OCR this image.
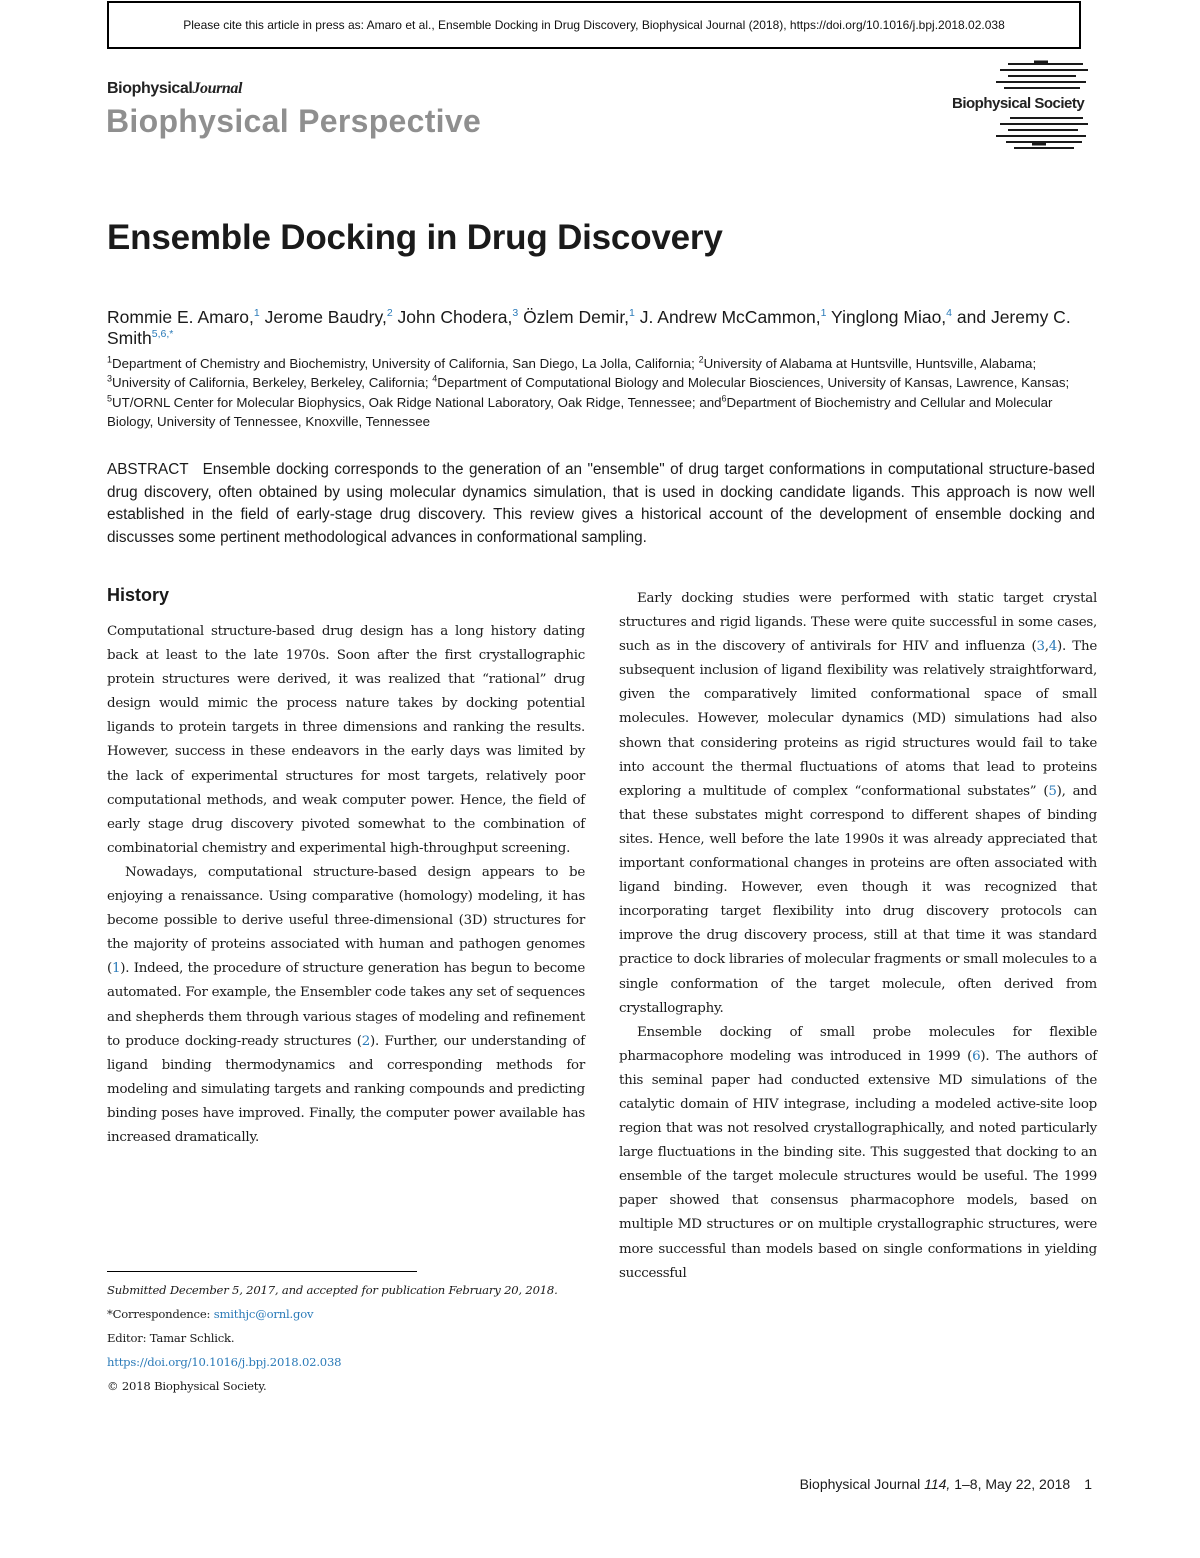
Please cite this article in press as: Amaro et al., Ensemble Docking in Drug Discovery, Biophysical Journal (2018), https://doi.org/10.1016/j.bpj.2018.02.038
BiophysicalJournal
Biophysical Perspective	Biophysical Society
Ensemble Docking in Drug Discovery
Rommie E. Amaro,$^1$ Jerome Baudry,$^2$ John Chodera,$^3$ Özlem Demir,$^1$ J. Andrew McCammon,$^1$ Yinglong Miao,$^4$ and Jeremy C. Smith$^{5,6,*}$
$^1$Department of Chemistry and Biochemistry, University of California, San Diego, La Jolla, California; $^2$University of Alabama at Huntsville, Huntsville, Alabama; $^3$University of California, Berkeley, Berkeley, California; $^4$Department of Computational Biology and Molecular Biosciences, University of Kansas, Lawrence, Kansas; $^5$UT/ORNL Center for Molecular Biophysics, Oak Ridge National Laboratory, Oak Ridge, Tennessee; and$^6$Department of Biochemistry and Cellular and Molecular Biology, University of Tennessee, Knoxville, Tennessee
ABSTRACT Ensemble docking corresponds to the generation of an "ensemble" of drug target conformations in computational structure-based drug discovery, often obtained by using molecular dynamics simulation, that is used in docking candidate ligands. This approach is now well established in the field of early-stage drug discovery. This review gives a historical account of the development of ensemble docking and discusses some pertinent methodological advances in conformational sampling.
History

Computational structure-based drug design has a long history dating back at least to the late 1970s. Soon after the first crystallographic protein structures were derived, it was realized that “rational” drug design would mimic the process nature takes by docking potential ligands to protein targets in three dimensions and ranking the results. However, success in these endeavors in the early days was limited by the lack of experimental structures for most targets, relatively poor computational methods, and weak computer power. Hence, the field of early stage drug discovery pivoted somewhat to the combination of combinatorial chemistry and experimental high-throughput screening.

Nowadays, computational structure-based design appears to be enjoying a renaissance. Using comparative (homology) modeling, it has become possible to derive useful three-dimensional (3D) structures for the majority of proteins associated with human and pathogen genomes (1). Indeed, the procedure of structure generation has begun to become automated. For example, the Ensembler code takes any set of sequences and shepherds them through various stages of modeling and refinement to produce docking-ready structures (2). Further, our understanding of ligand binding thermodynamics and corresponding methods for modeling and simulating targets and ranking compounds and predicting binding poses have improved. Finally, the computer power available has increased dramatically.

Early docking studies were performed with static target crystal structures and rigid ligands. These were quite successful in some cases, such as in the discovery of antivirals for HIV and influenza (3,4). The subsequent inclusion of ligand flexibility was relatively straightforward, given the comparatively limited conformational space of small molecules. However, molecular dynamics (MD) simulations had also shown that considering proteins as rigid structures would fail to take into account the thermal fluctuations of atoms that lead to proteins exploring a multitude of complex “conformational substates” (5), and that these substates might correspond to different shapes of binding sites. Hence, well before the late 1990s it was already appreciated that important conformational changes in proteins are often associated with ligand binding. However, even though it was recognized that incorporating target flexibility into drug discovery protocols can improve the drug discovery process, still at that time it was standard practice to dock libraries of molecular fragments or small molecules to a single conformation of the target molecule, often derived from crystallography.

Ensemble docking of small probe molecules for flexible pharmacophore modeling was introduced in 1999 (6). The authors of this seminal paper had conducted extensive MD simulations of the catalytic domain of HIV integrase, including a modeled active-site loop region that was not resolved crystallographically, and noted particularly large fluctuations in the binding site. This suggested that docking to an ensemble of the target molecule structures would be useful. The 1999 paper showed that consensus pharmacophore models, based on multiple MD structures or on multiple crystallographic structures, were more successful than models based on single conformations in yielding successful

Submitted December 5, 2017, and accepted for publication February 20, 2018.
*Correspondence: smithjc@ornl.gov
Editor: Tamar Schlick.
https://doi.org/10.1016/j.bpj.2018.02.038
© 2018 Biophysical Society.
Biophysical Journal 114, 1–8, May 22, 2018 1
